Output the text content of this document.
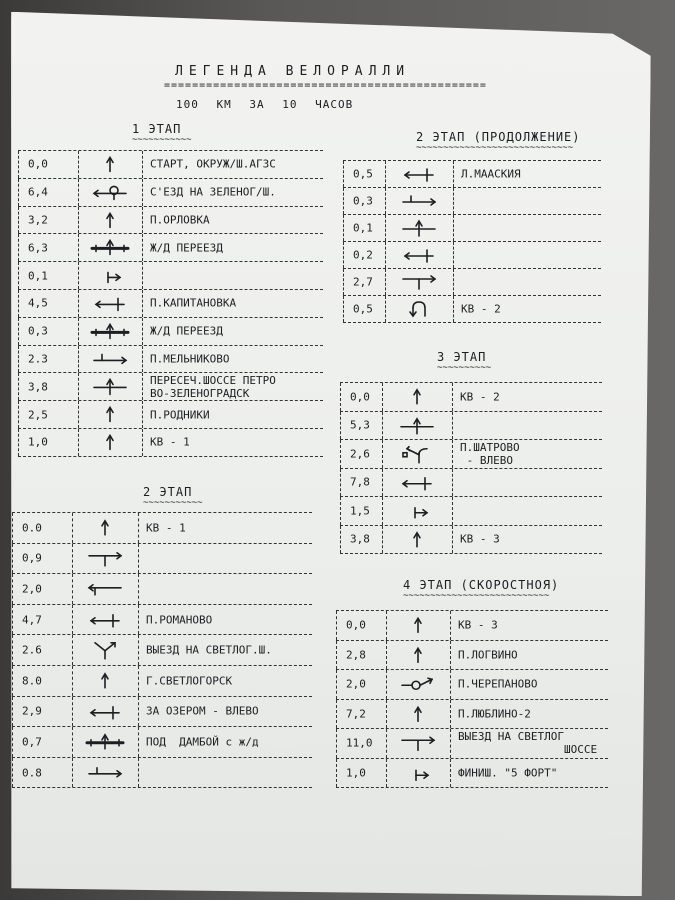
ЛЕГЕНДА ВЕЛОРАЛЛИ
==============================================
100 КМ ЗА 10 ЧАСОВ
1 ЭТАП
~~~~~~~~~~~
2 ЭТАП
~~~~~~~~~~~
2 ЭТАП (ПРОДОЛЖЕНИЕ)
~~~~~~~~~~~~~~~~~~~~~~~~~~~~~
3 ЭТАП
~~~~~~~~~~
4 ЭТАП (СКОРОСТНОЯ)
~~~~~~~~~~~~~~~~~~~~~~~~~~~
0,0	СТАРТ, ОКРУЖ/Ш.АГЗС
6,4	С'ЕЗД НА ЗЕЛЕНОГ/Ш.
3,2	П.ОРЛОВКА
6,3	Ж/Д ПЕРЕЕЗД
0,1
4,5	П.КАПИТАНОВКА
0,3	Ж/Д ПЕРЕЕЗД
2.3	П.МЕЛЬНИКОВО
3,8	ПЕРЕСЕЧ.ШОССЕ ПЕТРО
ВО-ЗЕЛЕНОГРАДСК
2,5	П.РОДНИКИ
1,0	КВ - 1
0.0	КВ - 1
0,9
2,0
4,7	П.РОМАНОВО
2.6	ВЫЕЗД НА СВЕТЛОГ.Ш.
8.0	Г.СВЕТЛОГОРСК
2,9	ЗА ОЗЕРОМ - ВЛЕВО
0,7	ПОД  ДАМБОЙ с ж/д
0.8
0,5	Л.МААСКИЯ
0,3
0,1
0,2
2,7
0,5	КВ - 2
0,0	КВ - 2
5,3
2,6	П.ШАТРОВО
- ВЛЕВО
7,8
1,5
3,8	КВ - 3
0,0	КВ - 3
2,8	П.ЛОГВИНО
2,0	П.ЧЕРЕПАНОВО
7,2	П.ЛЮБЛИНО-2
11,0	ВЫЕЗД НА СВЕТЛОГ
ШОССЕ
1,0	ФИНИШ. "5 ФОРТ"
